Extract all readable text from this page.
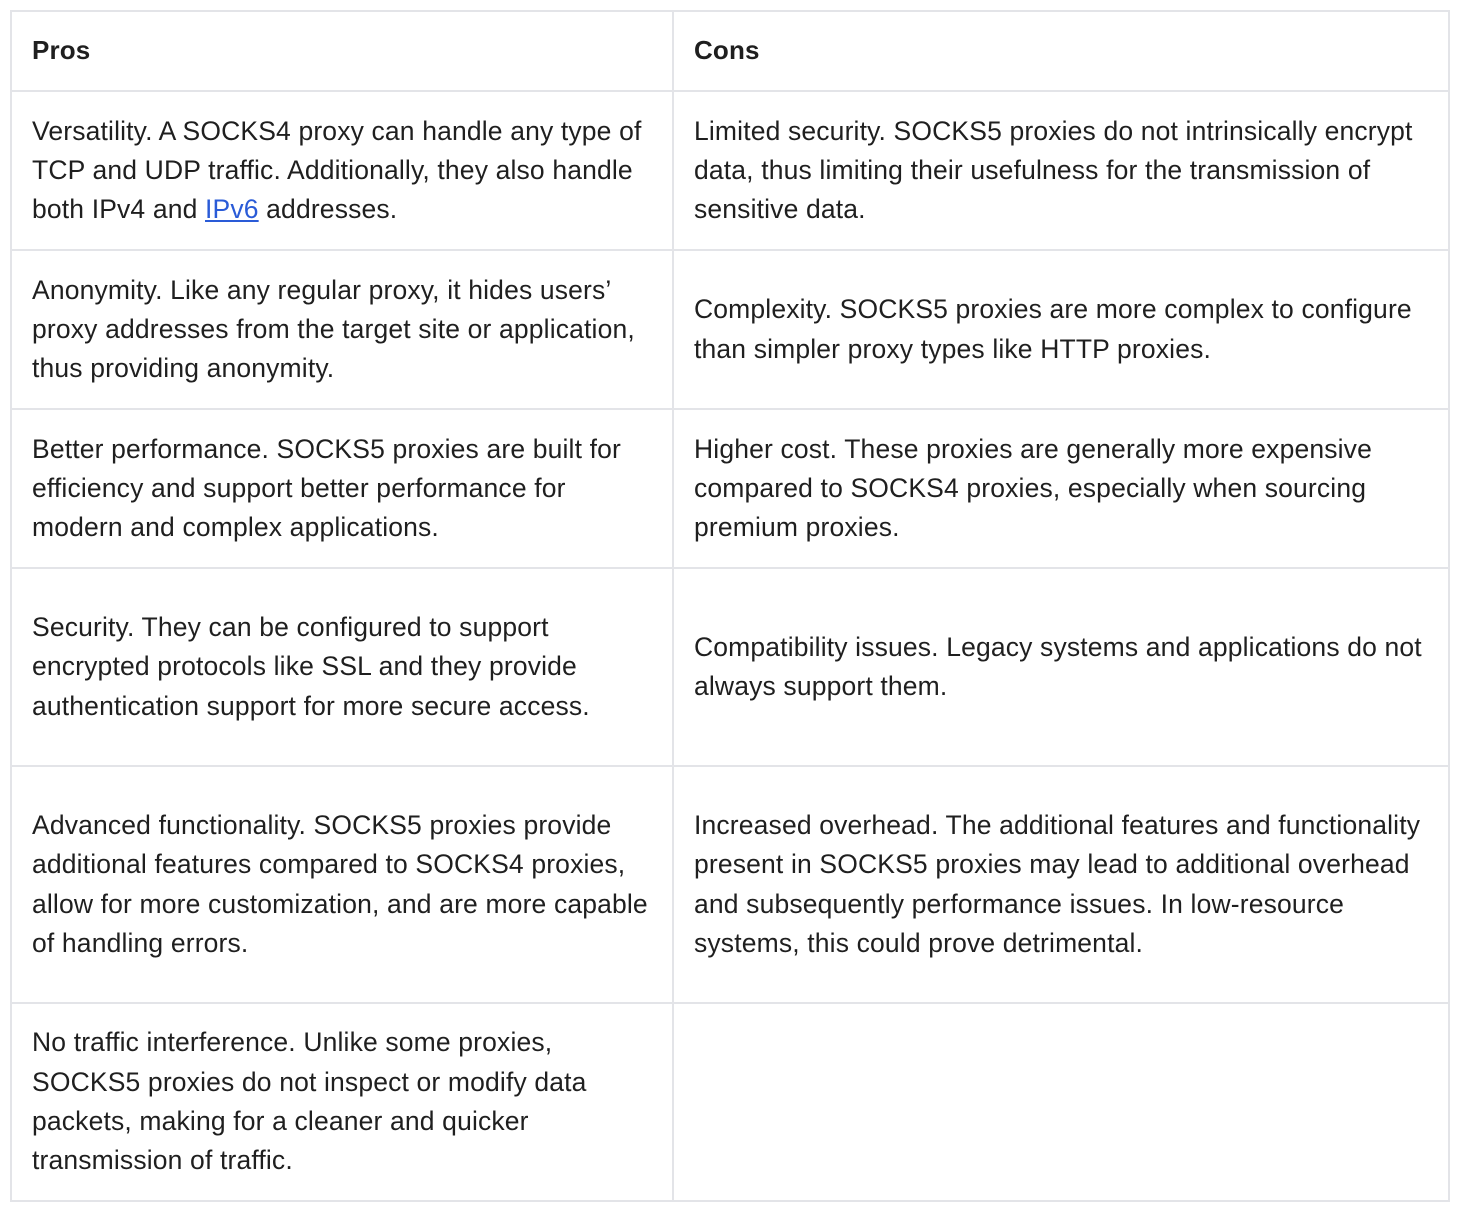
Pros	Cons
Versatility. A SOCKS4 proxy can handle any type of TCP and UDP traffic. Additionally, they also handle both IPv4 and IPv6 addresses.	Limited security. SOCKS5 proxies do not intrinsically encrypt data, thus limiting their usefulness for the transmission of sensitive data.
Anonymity. Like any regular proxy, it hides users’ proxy addresses from the target site or application, thus providing anonymity.	Complexity. SOCKS5 proxies are more complex to configure than simpler proxy types like HTTP proxies.
Better performance. SOCKS5 proxies are built for efficiency and support better performance for modern and complex applications.	Higher cost. These proxies are generally more expensive compared to SOCKS4 proxies, especially when sourcing premium proxies.
Security. They can be configured to support encrypted protocols like SSL and they provide authentication support for more secure access.	Compatibility issues. Legacy systems and applications do not always support them.
Advanced functionality. SOCKS5 proxies provide additional features compared to SOCKS4 proxies, allow for more customization, and are more capable of handling errors.	Increased overhead. The additional features and functionality present in SOCKS5 proxies may lead to additional overhead and subsequently performance issues. In low-resource systems, this could prove detrimental.
No traffic interference. Unlike some proxies, SOCKS5 proxies do not inspect or modify data packets, making for a cleaner and quicker transmission of traffic.	
